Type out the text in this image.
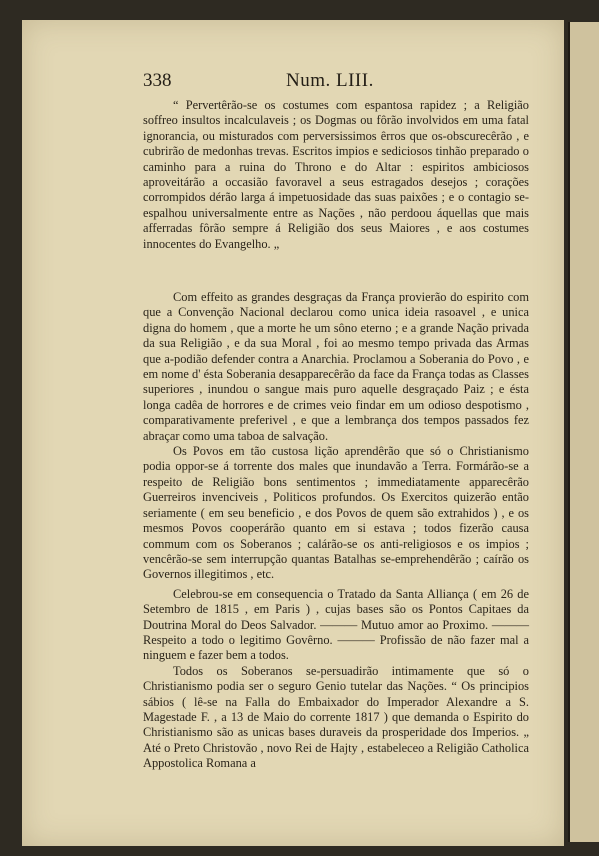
338	Num. LIII.

“ Pervertêrão-se os costumes com espantosa rapidez ; a Religião soffreo insultos incalculaveis ; os Dogmas ou fôrão involvidos em uma fatal ignorancia, ou misturados com perversissimos êrros que os-obscurecêrão , e cubrirão de medonhas trevas. Escritos impios e sediciosos tinhão preparado o caminho para a ruina do Throno e do Altar : espiritos ambiciosos aproveitárão a occasião favoravel a seus estragados desejos ; corações corrompidos dérão larga á impetuosidade das suas paixões ; e o contagio se-espalhou universalmente entre as Nações , não perdoou áquellas que mais afferradas fôrão sempre á Religião dos seus Maiores , e aos costumes innocentes do Evangelho. „

Com effeito as grandes desgraças da França provierão do espirito com que a Convenção Nacional declarou como unica ideia rasoavel , e unica digna do homem , que a morte he um sôno eterno ; e a grande Nação privada da sua Religião , e da sua Moral , foi ao mesmo tempo privada das Armas que a-podião defender contra a Anarchia. Proclamou a Soberania do Povo , e em nome d' ésta Soberania desapparecêrão da face da França todas as Classes superiores , inundou o sangue mais puro aquelle desgraçado Paiz ; e ésta longa cadêa de horrores e de crimes veio findar em um odioso despotismo , comparativamente preferivel , e que a lembrança dos tempos passados fez abraçar como uma taboa de salvação.

Os Povos em tão custosa lição aprendêrão que só o Christianismo podia oppor-se á torrente dos males que inundavão a Terra. Formárão-se a respeito de Religião bons sentimentos ; immediatamente apparecêrão Guerreiros invenciveis , Politicos profundos. Os Exercitos quizerão então seriamente ( em seu beneficio , e dos Povos de quem são extrahidos ) , e os mesmos Povos cooperárão quanto em si estava ; todos fizerão causa commum com os Soberanos ; calárão-se os anti-religiosos e os impios ; vencêrão-se sem interrupção quantas Batalhas se-emprehendêrão ; caírão os Governos illegitimos , etc.

Celebrou-se em consequencia o Tratado da Santa Alliança ( em 26 de Setembro de 1815 , em Paris ) , cujas bases são os Pontos Capitaes da Doutrina Moral do Deos Salvador. ——— Mutuo amor ao Proximo. ——— Respeito a todo o legitimo Govêrno. ——— Profissão de não fazer mal a ninguem e fazer bem a todos.

Todos os Soberanos se-persuadirão intimamente que só o Christianismo podia ser o seguro Genio tutelar das Nações. “ Os principios sábios ( lê-se na Falla do Embaixador do Imperador Alexandre a S. Magestade F. , a 13 de Maio do corrente 1817 ) que demanda o Espirito do Christianismo são as unicas bases duraveis da prosperidade dos Imperios. „ Até o Preto Christovão , novo Rei de Hajty , estabeleceo a Religião Catholica Appostolica Romana a
